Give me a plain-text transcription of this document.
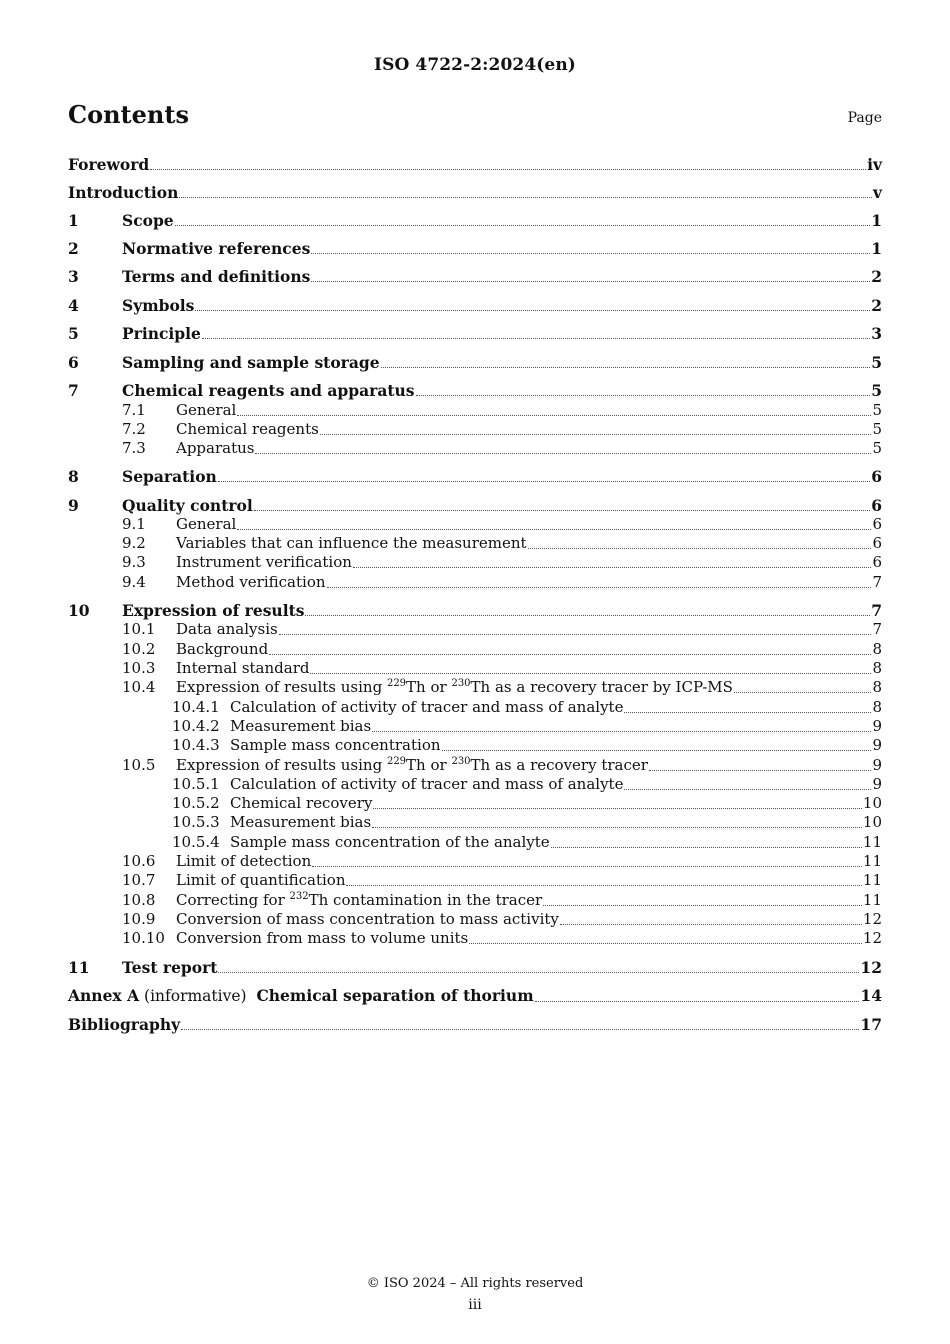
ISO 4722-2:2024(en)
Contents	Page
Foreword	iv
Introduction	v
1	Scope	1
2	Normative references	1
3	Terms and definitions	2
4	Symbols	2
5	Principle	3
6	Sampling and sample storage	5
7	Chemical reagents and apparatus	5
7.1	General	5
7.2	Chemical reagents	5
7.3	Apparatus	5
8	Separation	6
9	Quality control	6
9.1	General	6
9.2	Variables that can influence the measurement	6
9.3	Instrument verification	6
9.4	Method verification	7
10	Expression of results	7
10.1	Data analysis	7
10.2	Background	8
10.3	Internal standard	8
10.4	Expression of results using $^{229}$Th or $^{230}$Th as a recovery tracer by ICP-MS	8
10.4.1 Calculation of activity of tracer and mass of analyte	8
10.4.2 Measurement bias	9
10.4.3 Sample mass concentration	9
10.5	Expression of results using $^{229}$Th or $^{230}$Th as a recovery tracer	9
10.5.1 Calculation of activity of tracer and mass of analyte	9
10.5.2 Chemical recovery	10
10.5.3 Measurement bias	10
10.5.4 Sample mass concentration of the analyte	11
10.6	Limit of detection	11
10.7	Limit of quantification	11
10.8	Correcting for $^{232}$Th contamination in the tracer	11
10.9	Conversion of mass concentration to mass activity	12
10.10 Conversion from mass to volume units	12
11	Test report	12
Annex A (informative)  Chemical separation of thorium	14
Bibliography	17
© ISO 2024 – All rights reserved
iii
